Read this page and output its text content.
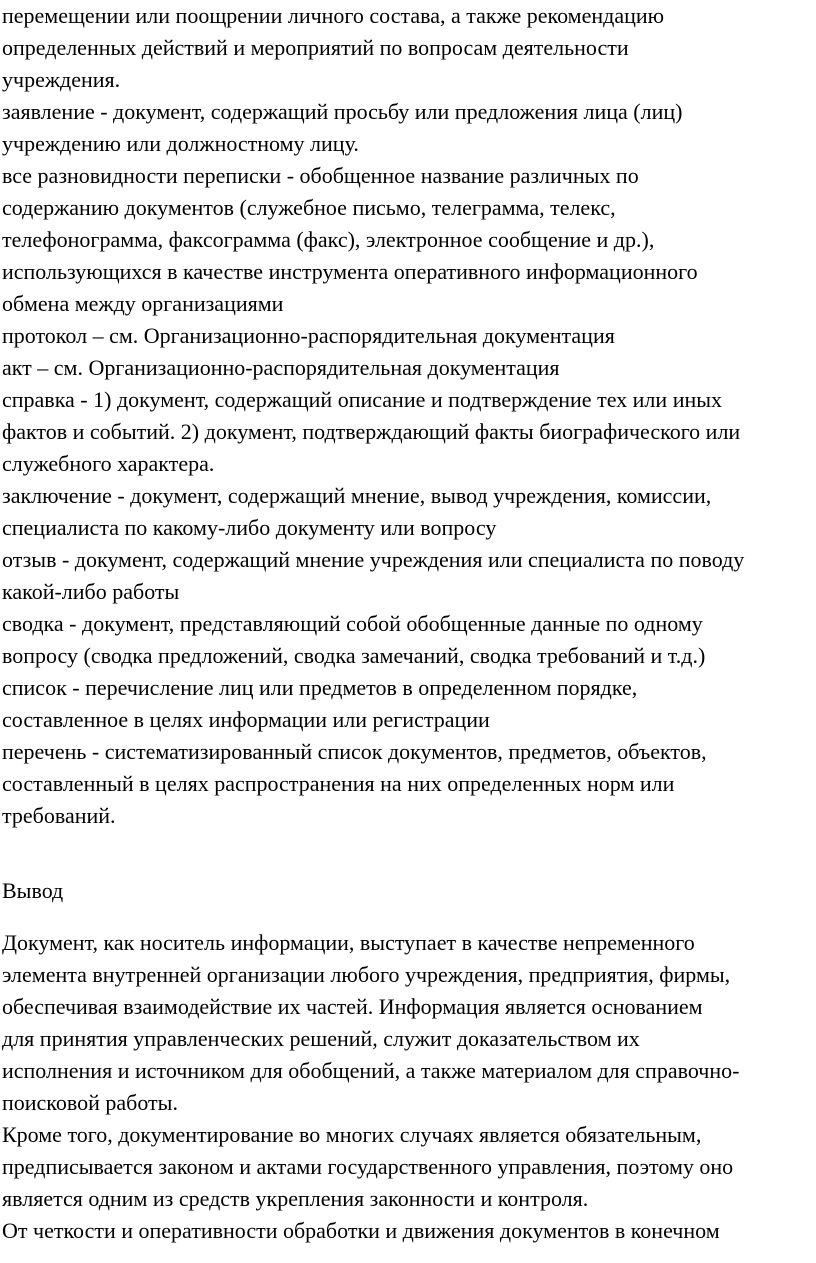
перемещении или поощрении личного состава, а также рекомендацию
определенных действий и мероприятий по вопросам деятельности
учреждения.
заявление - документ, содержащий просьбу или предложения лица (лиц)
учреждению или должностному лицу.
все разновидности переписки - обобщенное название различных по
содержанию документов (служебное письмо, телеграмма, телекс,
телефонограмма, факсограмма (факс), электронное сообщение и др.),
использующихся в качестве инструмента оперативного информационного
обмена между организациями
протокол – см. Организационно-распорядительная документация
акт – см. Организационно-распорядительная документация
справка - 1) документ, содержащий описание и подтверждение тех или иных
фактов и событий. 2) документ, подтверждающий факты биографического или
служебного характера.
заключение - документ, содержащий мнение, вывод учреждения, комиссии,
специалиста по какому-либо документу или вопросу
отзыв - документ, содержащий мнение учреждения или специалиста по поводу
какой-либо работы
сводка - документ, представляющий собой обобщенные данные по одному
вопросу (сводка предложений, сводка замечаний, сводка требований и т.д.)
список - перечисление лиц или предметов в определенном порядке,
составленное в целях информации или регистрации
перечень - систематизированный список документов, предметов, объектов,
составленный в целях распространения на них определенных норм или
требований.
Вывод
Документ, как носитель информации, выступает в качестве непременного
элемента внутренней организации любого учреждения, предприятия, фирмы,
обеспечивая взаимодействие их частей. Информация является основанием
для принятия управленческих решений, служит доказательством их
исполнения и источником для обобщений, а также материалом для справочно-
поисковой работы.
Кроме того, документирование во многих случаях является обязательным,
предписывается законом и актами государственного управления, поэтому оно
является одним из средств укрепления законности и контроля.
От четкости и оперативности обработки и движения документов в конечном
